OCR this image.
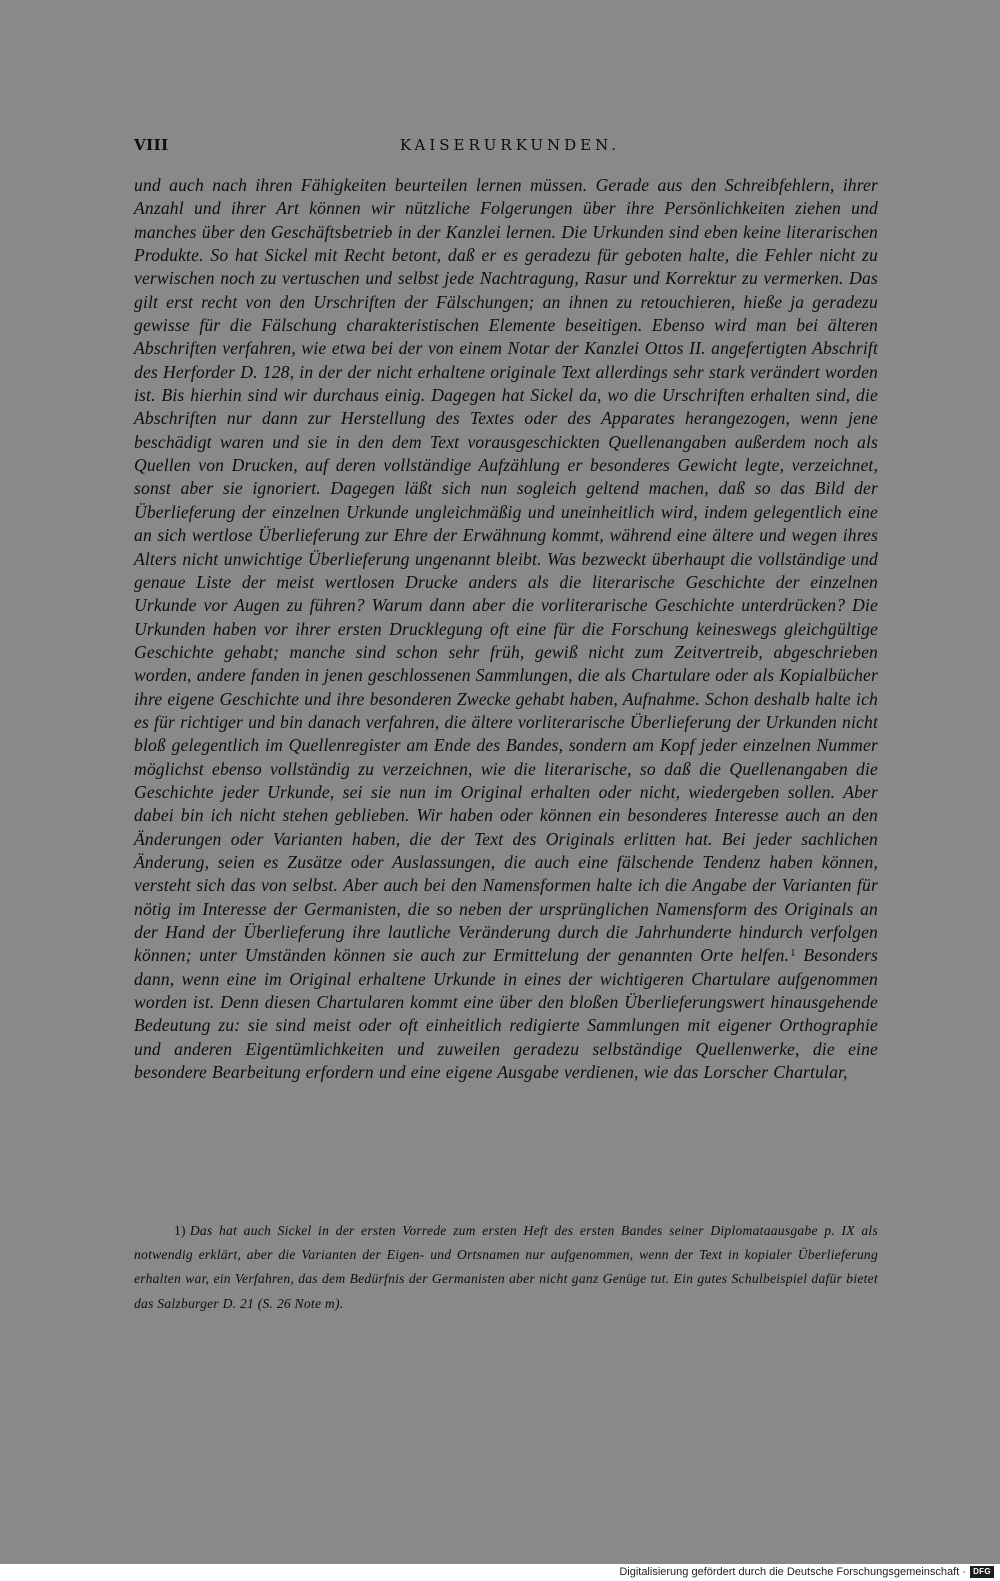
VIII	KAISERURKUNDEN.

und auch nach ihren Fähigkeiten beurteilen lernen müssen. Gerade aus den Schreibfehlern, ihrer Anzahl und ihrer Art können wir nützliche Folgerungen über ihre Persönlichkeiten ziehen und manches über den Geschäftsbetrieb in der Kanzlei lernen. Die Urkunden sind eben keine literarischen Produkte. So hat Sickel mit Recht betont, daß er es geradezu für geboten halte, die Fehler nicht zu verwischen noch zu vertuschen und selbst jede Nachtragung, Rasur und Korrektur zu vermerken. Das gilt erst recht von den Urschriften der Fälschungen; an ihnen zu retouchieren, hieße ja geradezu gewisse für die Fälschung charakteristischen Elemente beseitigen. Ebenso wird man bei älteren Abschriften verfahren, wie etwa bei der von einem Notar der Kanzlei Ottos II. angefertigten Abschrift des Herforder D. 128, in der der nicht erhaltene originale Text allerdings sehr stark verändert worden ist. Bis hierhin sind wir durchaus einig. Dagegen hat Sickel da, wo die Urschriften erhalten sind, die Abschriften nur dann zur Herstellung des Textes oder des Apparates herangezogen, wenn jene beschädigt waren und sie in den dem Text vorausgeschickten Quellenangaben außerdem noch als Quellen von Drucken, auf deren vollständige Aufzählung er besonderes Gewicht legte, verzeichnet, sonst aber sie ignoriert. Dagegen läßt sich nun sogleich geltend machen, daß so das Bild der Überlieferung der einzelnen Urkunde ungleichmäßig und uneinheitlich wird, indem gelegentlich eine an sich wertlose Überlieferung zur Ehre der Erwähnung kommt, während eine ältere und wegen ihres Alters nicht unwichtige Überlieferung ungenannt bleibt. Was bezweckt überhaupt die vollständige und genaue Liste der meist wertlosen Drucke anders als die literarische Geschichte der einzelnen Urkunde vor Augen zu führen? Warum dann aber die vorliterarische Geschichte unterdrücken? Die Urkunden haben vor ihrer ersten Drucklegung oft eine für die Forschung keineswegs gleichgültige Geschichte gehabt; manche sind schon sehr früh, gewiß nicht zum Zeitvertreib, abgeschrieben worden, andere fanden in jenen geschlossenen Sammlungen, die als Chartulare oder als Kopialbücher ihre eigene Geschichte und ihre besonderen Zwecke gehabt haben, Aufnahme. Schon deshalb halte ich es für richtiger und bin danach verfahren, die ältere vorliterarische Überlieferung der Urkunden nicht bloß gelegentlich im Quellenregister am Ende des Bandes, sondern am Kopf jeder einzelnen Nummer möglichst ebenso vollständig zu verzeichnen, wie die literarische, so daß die Quellenangaben die Geschichte jeder Urkunde, sei sie nun im Original erhalten oder nicht, wiedergeben sollen. Aber dabei bin ich nicht stehen geblieben. Wir haben oder können ein besonderes Interesse auch an den Änderungen oder Varianten haben, die der Text des Originals erlitten hat. Bei jeder sachlichen Änderung, seien es Zusätze oder Auslassungen, die auch eine fälschende Tendenz haben können, versteht sich das von selbst. Aber auch bei den Namensformen halte ich die Angabe der Varianten für nötig im Interesse der Germanisten, die so neben der ursprünglichen Namensform des Originals an der Hand der Überlieferung ihre lautliche Veränderung durch die Jahrhunderte hindurch verfolgen können; unter Umständen können sie auch zur Ermittelung der genannten Orte helfen.$^1$ Besonders dann, wenn eine im Original erhaltene Urkunde in eines der wichtigeren Chartulare aufgenommen worden ist. Denn diesen Chartularen kommt eine über den bloßen Überlieferungswert hinausgehende Bedeutung zu: sie sind meist oder oft einheitlich redigierte Sammlungen mit eigener Orthographie und anderen Eigentümlichkeiten und zuweilen geradezu selbständige Quellenwerke, die eine besondere Bearbeitung erfordern und eine eigene Ausgabe verdienen, wie das Lorscher Chartular,

1) Das hat auch Sickel in der ersten Vorrede zum ersten Heft des ersten Bandes seiner Diplomataausgabe p. IX als notwendig erklärt, aber die Varianten der Eigen- und Ortsnamen nur aufgenommen, wenn der Text in kopialer Überlieferung erhalten war, ein Verfahren, das dem Bedürfnis der Germanisten aber nicht ganz Genüge tut. Ein gutes Schulbeispiel dafür bietet das Salzburger D. 21 (S. 26 Note m).

Digitalisierung gefördert durch die Deutsche Forschungsgemeinschaft · DFG
